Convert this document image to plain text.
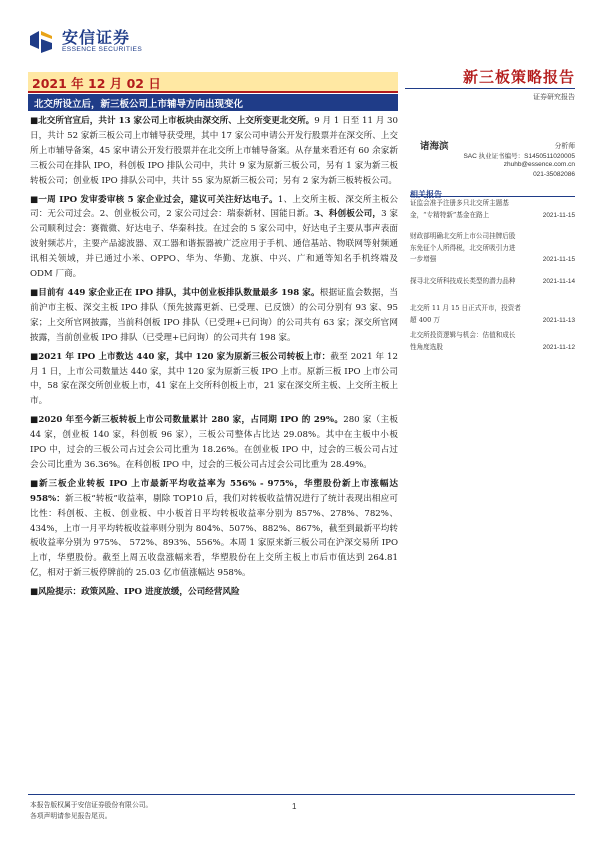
安信证券
ESSENCE SECURITIES
2021 年 12 月 02 日
北交所设立后，新三板公司上市辅导方向出现变化
新三板策略报告
证券研究报告

■北交所官宣后，共计 13 家公司上市板块由深交所、上交所变更北交所。9 月 1 日至 11 月 30 日，共计 52 家新三板公司上市辅导获受理，其中 17 家公司申请公开发行股票并在深交所、上交所上市辅导备案，45 家申请公开发行股票并在北交所上市辅导备案。从存量来看还有 60 余家新三板公司在排队 IPO，科创板 IPO 排队公司中，共计 9 家为原新三板公司，另有 1 家为新三板转板公司；创业板 IPO 排队公司中，共计 55 家为原新三板公司；另有 2 家为新三板转板公司。

■一周 IPO 发审委审核 5 家企业过会，建议可关注好达电子。1、上交所主板、深交所主板公司：无公司过会。2、创业板公司，2 家公司过会：瑞泰新材、国能日新。3、科创板公司，3 家公司顺利过会：赛微微、好达电子、华秦科技。在过会的 5 家公司中，好达电子主要从事声表面波射频芯片，主要产品滤波器、双工器和谐振器被广泛应用于手机、通信基站、物联网等射频通讯相关领域，并已通过小米、OPPO、华为、华勤、龙旗、中兴、广和通等知名手机终端及 ODM 厂商。

■目前有 449 家企业正在 IPO 排队，其中创业板排队数量最多 198 家。根据证监会数据，当前沪市主板、深交主板 IPO 排队（预先披露更新、已受理、已反馈）的公司分别有 93 家、95 家；上交所官网披露，当前科创板 IPO 排队（已受理+已问询）的公司共有 63 家；深交所官网披露，当前创业板 IPO 排队（已受理+已问询）的公司共有 198 家。

■2021 年 IPO 上市数达 440 家，其中 120 家为原新三板公司转板上市：截至 2021 年 12 月 1 日，上市公司数量达 440 家，其中 120 家为原新三板 IPO 上市。原新三板 IPO 上市公司中，58 家在深交所创业板上市，41 家在上交所科创板上市，21 家在深交所主板、上交所主板上市。

■2020 年至今新三板转板上市公司数量累计 280 家，占同期 IPO 的 29%。280 家（主板 44 家，创业板 140 家，科创板 96 家），三板公司整体占比达 29.08%。其中在主板中小板 IPO 中，过会的三板公司占过会公司比重为 18.26%。在创业板 IPO 中，过会的三板公司占过会公司比重为 36.36%。在科创板 IPO 中，过会的三板公司占过会公司比重为 28.49%。

■新三板企业转板 IPO 上市最新平均收益率为 556% - 975%，华塑股份新上市涨幅达 958%：新三板“转板”收益率，剔除 TOP10 后，我们对转板收益情况进行了统计表现出相应可比性：科创板、主板、创业板、中小板首日平均转板收益率分别为 857%、278%、782%、434%，上市一月平均转板收益率则分别为 804%、507%、882%、867%，截至到最新平均转板收益率分别为 975%、 572%、893%、556%。本周 1 家原来新三板公司在沪深交易所 IPO 上市，华塑股份。截至上周五收盘涨幅来看，华塑股份在上交所主板上市后市值达到 264.81 亿，相对于新三板停牌前的 25.03 亿市值涨幅达 958%。

■风险提示：政策风险、IPO 进度放缓，公司经营风险

诸海滨	分析师
SAC 执业证书编号：S1450511020005
zhuhb@essence.com.cn
021-35082086
相关报告
证监会准予注册多只北交所主题基金，“专精特新”基金在路上	2021-11-15
财政部明确北交所上市公司挂牌后股东免征个人所得税，北交所吸引力进一步增强	2021-11-15
探寻北交所科技成长类型的潜力品种	2021-11-14
北交所 11 月 15 日正式开市，投资者超 400 万	2021-11-13
北交所投资逻辑与机会：估值和成长性角度选股	2021-11-12
本报告版权属于安信证券股份有限公司。
各项声明请参见报告尾页。
1
